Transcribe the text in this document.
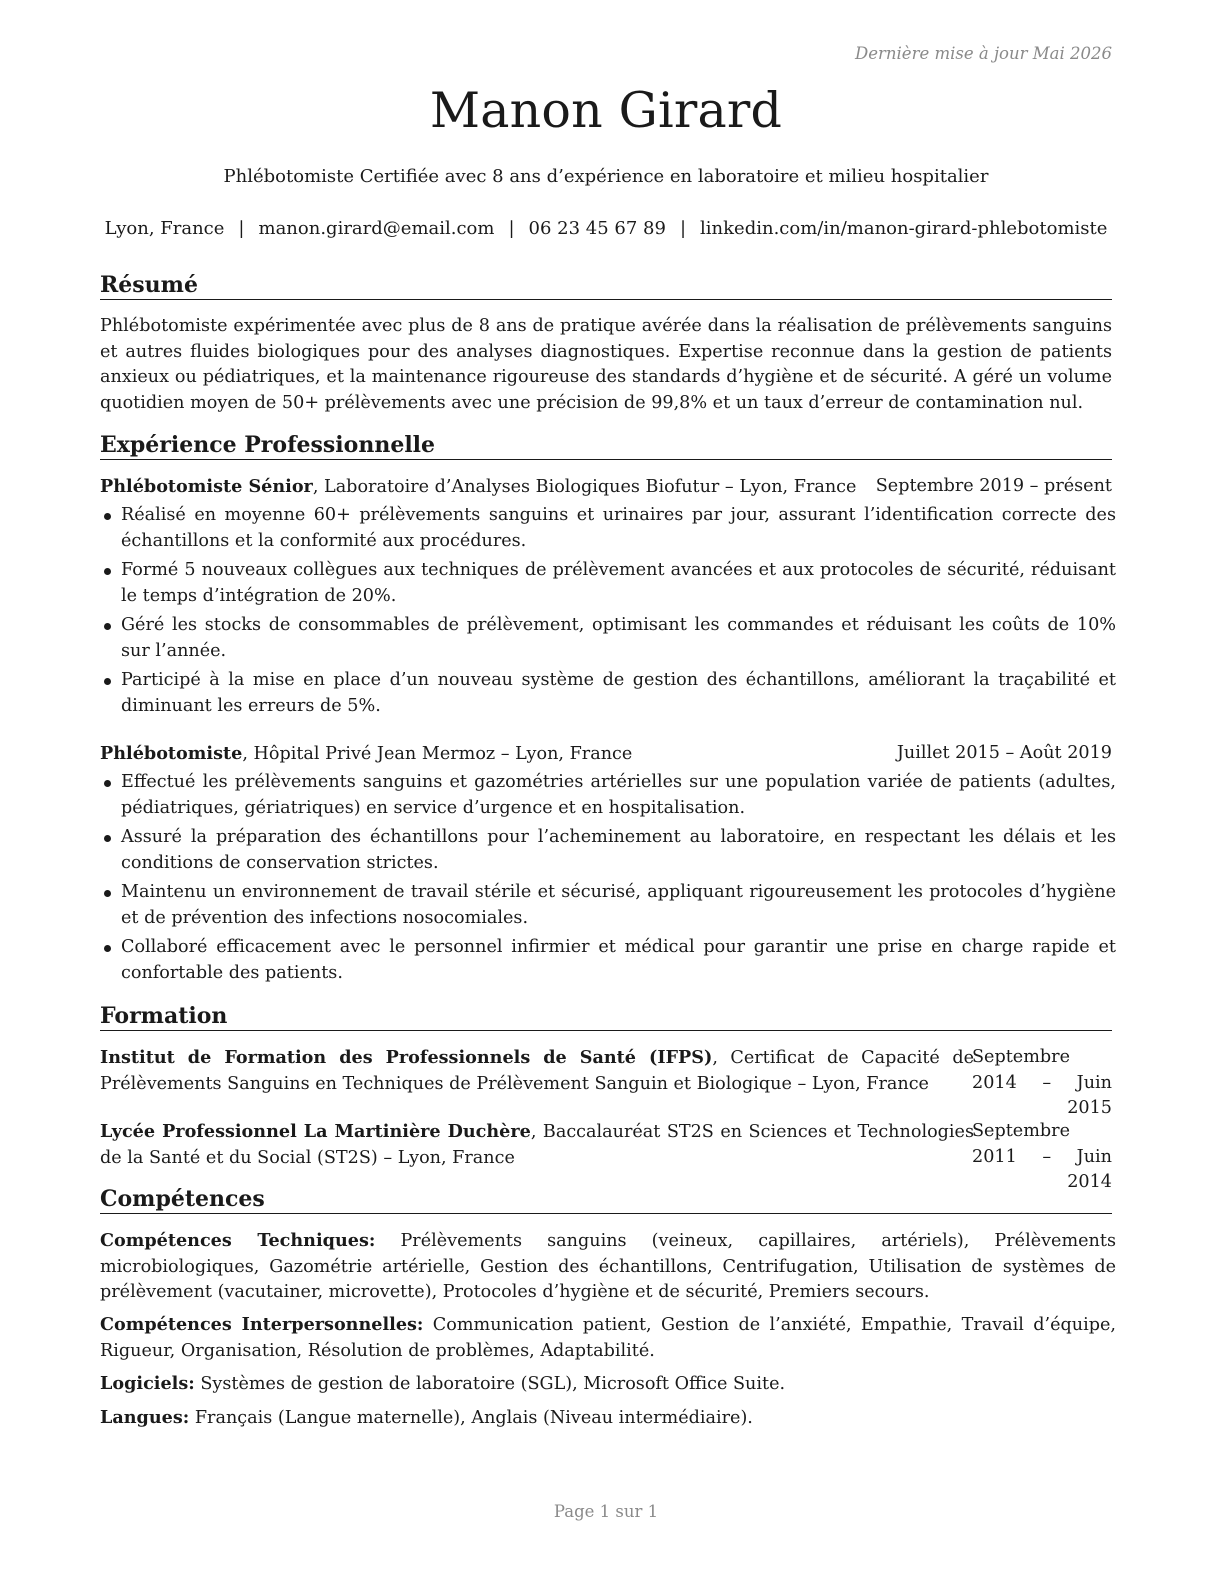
Dernière mise à jour Mai 2026
Manon Girard
Phlébotomiste Certifiée avec 8 ans d’expérience en laboratoire et milieu hospitalier
Lyon, France | manon.girard@email.com | 06 23 45 67 89 | linkedin.com/in/manon-girard-phlebotomiste
Résumé
Phlébotomiste expérimentée avec plus de 8 ans de pratique avérée dans la réalisation de prélèvements sanguins et autres fluides biologiques pour des analyses diagnostiques. Expertise reconnue dans la gestion de patients anxieux ou pédiatriques, et la maintenance rigoureuse des standards d’hygiène et de sécurité. A géré un volume quotidien moyen de 50+ prélèvements avec une précision de 99,8% et un taux d’erreur de contamination nul.
Expérience Professionnelle
Phlébotomiste Sénior, Laboratoire d’Analyses Biologiques Biofutur – Lyon, France Septembre 2019 – présent
Réalisé en moyenne 60+ prélèvements sanguins et urinaires par jour, assurant l’identification correcte des échantillons et la conformité aux procédures.
Formé 5 nouveaux collègues aux techniques de prélèvement avancées et aux protocoles de sécurité, réduisant le temps d’intégration de 20%.
Géré les stocks de consommables de prélèvement, optimisant les commandes et réduisant les coûts de 10% sur l’année.
Participé à la mise en place d’un nouveau système de gestion des échantillons, améliorant la traçabilité et diminuant les erreurs de 5%.
Phlébotomiste, Hôpital Privé Jean Mermoz – Lyon, France	Juillet 2015 – Août 2019
Effectué les prélèvements sanguins et gazométries artérielles sur une population variée de patients (adultes, pédiatriques, gériatriques) en service d’urgence et en hospitalisation.
Assuré la préparation des échantillons pour l’acheminement au laboratoire, en respectant les délais et les conditions de conservation strictes.
Maintenu un environnement de travail stérile et sécurisé, appliquant rigoureusement les protocoles d’hygiène et de prévention des infections nosocomiales.
Collaboré efficacement avec le personnel infirmier et médical pour garantir une prise en charge rapide et confortable des patients.
Formation
Institut de Formation des Professionnels de Santé (IFPS), Certificat de Capacité de Prélèvements Sanguins en Techniques de Prélèvement Sanguin et Biologique – Lyon, France
Septembre 2014 – Juin 2015
Lycée Professionnel La Martinière Duchère, Baccalauréat ST2S en Sciences et Technologies de la Santé et du Social (ST2S) – Lyon, France
Septembre 2011 – Juin 2014
Compétences
Compétences Techniques: Prélèvements sanguins (veineux, capillaires, artériels), Prélèvements microbiologiques, Gazométrie artérielle, Gestion des échantillons, Centrifugation, Utilisation de systèmes de prélèvement (vacutainer, microvette), Protocoles d’hygiène et de sécurité, Premiers secours.
Compétences Interpersonnelles: Communication patient, Gestion de l’anxiété, Empathie, Travail d’équipe, Rigueur, Organisation, Résolution de problèmes, Adaptabilité.
Logiciels: Systèmes de gestion de laboratoire (SGL), Microsoft Office Suite.
Langues: Français (Langue maternelle), Anglais (Niveau intermédiaire).
Page 1 sur 1
